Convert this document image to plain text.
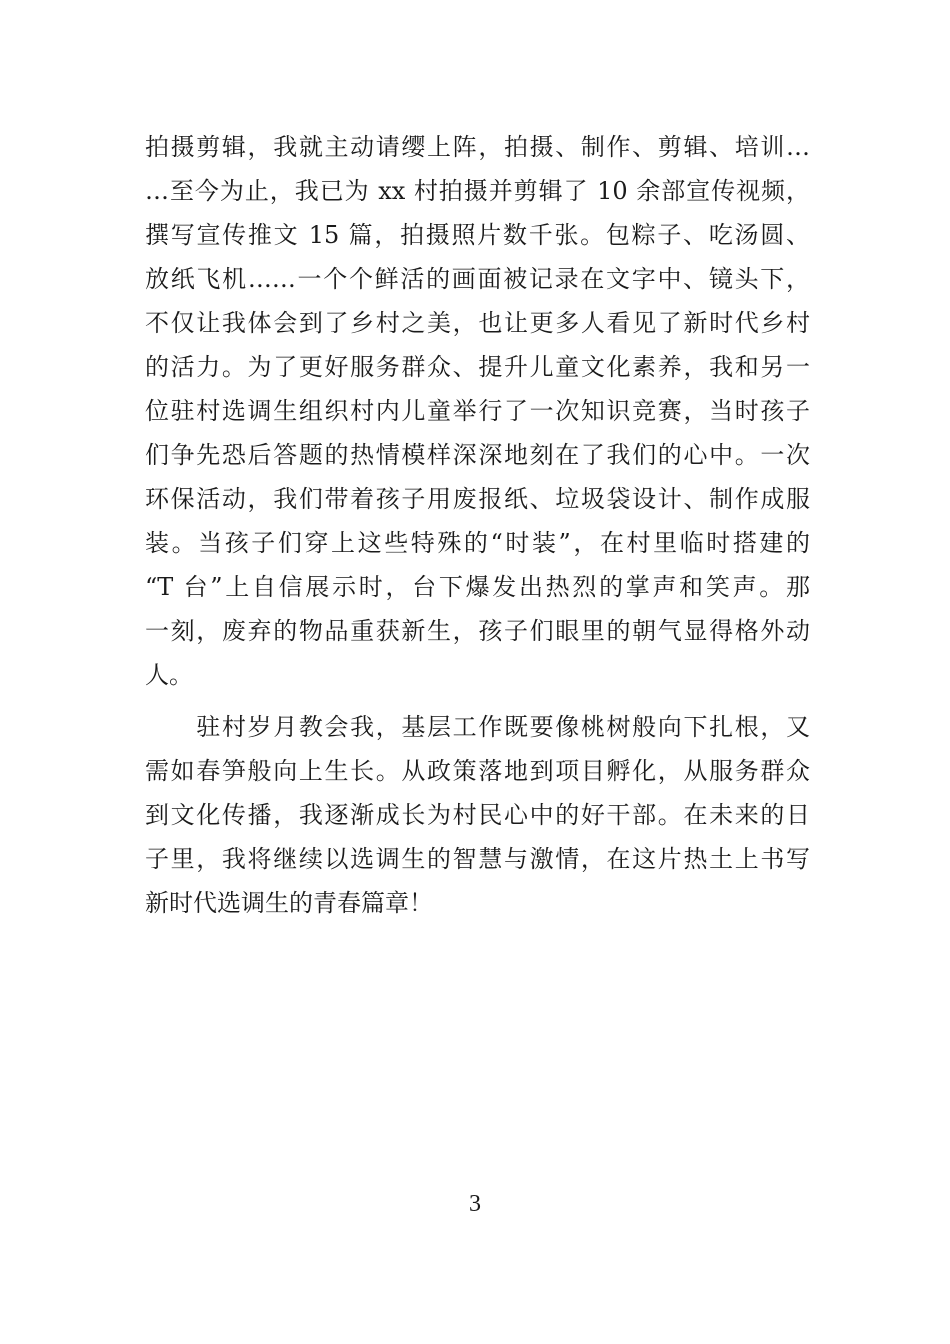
拍摄剪辑，我就主动请缨上阵，拍摄、制作、剪辑、培训…
…至今为止，我已为 xx 村拍摄并剪辑了 10 余部宣传视频，
撰写宣传推文 15 篇，拍摄照片数千张。包粽子、吃汤圆、
放纸飞机……一个个鲜活的画面被记录在文字中、镜头下，
不仅让我体会到了乡村之美，也让更多人看见了新时代乡村
的活力。为了更好服务群众、提升儿童文化素养，我和另一
位驻村选调生组织村内儿童举行了一次知识竞赛，当时孩子
们争先恐后答题的热情模样深深地刻在了我们的心中。一次
环保活动，我们带着孩子用废报纸、垃圾袋设计、制作成服
装。当孩子们穿上这些特殊的“时装”，在村里临时搭建的
“T 台”上自信展示时，台下爆发出热烈的掌声和笑声。那
一刻，废弃的物品重获新生，孩子们眼里的朝气显得格外动
人。
　　驻村岁月教会我，基层工作既要像桃树般向下扎根，又
需如春笋般向上生长。从政策落地到项目孵化，从服务群众
到文化传播，我逐渐成长为村民心中的好干部。在未来的日
子里，我将继续以选调生的智慧与激情，在这片热土上书写
新时代选调生的青春篇章！
3
